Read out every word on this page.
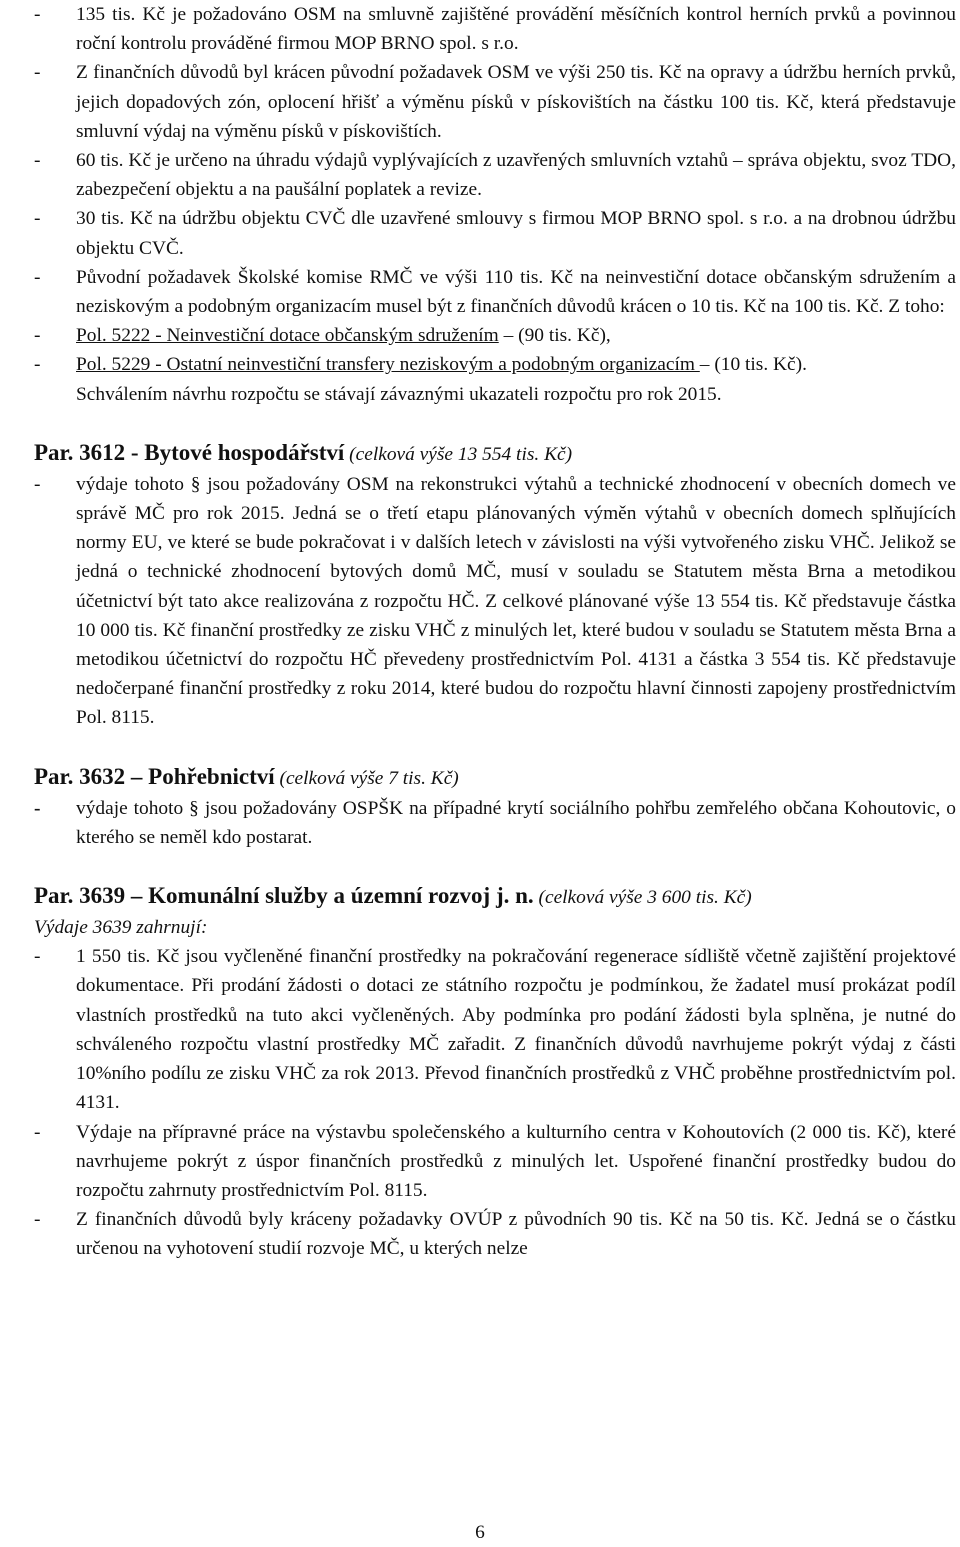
-	135 tis. Kč je požadováno OSM na smluvně zajištěné provádění měsíčních kontrol herních prvků a povinnou roční kontrolu prováděné firmou MOP BRNO spol. s r.o.
-	Z finančních důvodů byl krácen původní požadavek OSM ve výši 250 tis. Kč na opravy a údržbu herních prvků, jejich dopadových zón, oplocení hřišť a výměnu písků v pískovištích na částku 100 tis. Kč, která představuje smluvní výdaj na výměnu písků v pískovištích.
-	60 tis. Kč je určeno na úhradu výdajů vyplývajících z uzavřených smluvních vztahů – správa objektu, svoz TDO, zabezpečení objektu a na paušální poplatek a revize.
-	30 tis. Kč na údržbu objektu CVČ dle uzavřené smlouvy s firmou MOP BRNO spol. s r.o. a na drobnou údržbu objektu CVČ.
-	Původní požadavek Školské komise RMČ ve výši 110 tis. Kč na neinvestiční dotace občanským sdružením a neziskovým a podobným organizacím musel být z finančních důvodů krácen o 10 tis. Kč na 100 tis. Kč. Z toho:
-	Pol. 5222 - Neinvestiční dotace občanským sdružením – (90 tis. Kč),
-	Pol. 5229 - Ostatní neinvestiční transfery neziskovým a podobným organizacím – (10 tis. Kč).
Schválením návrhu rozpočtu se stávají závaznými ukazateli rozpočtu pro rok 2015.
Par. 3612 - Bytové hospodářství (celková výše 13 554 tis. Kč)
-	výdaje tohoto § jsou požadovány OSM na rekonstrukci výtahů a technické zhodnocení v obecních domech ve správě MČ pro rok 2015. Jedná se o třetí etapu plánovaných výměn výtahů v obecních domech splňujících normy EU, ve které se bude pokračovat i v dalších letech v závislosti na výši vytvořeného zisku VHČ. Jelikož se jedná o technické zhodnocení bytových domů MČ, musí v souladu se Statutem města Brna a metodikou účetnictví být tato akce realizována z rozpočtu HČ. Z celkové plánované výše 13 554 tis. Kč představuje částka 10 000 tis. Kč finanční prostředky ze zisku VHČ z minulých let, které budou v souladu se Statutem města Brna a metodikou účetnictví do rozpočtu HČ převedeny prostřednictvím Pol. 4131 a částka 3 554 tis. Kč představuje nedočerpané finanční prostředky z roku 2014, které budou do rozpočtu hlavní činnosti zapojeny prostřednictvím Pol. 8115.
Par. 3632 – Pohřebnictví (celková výše 7 tis. Kč)
-	výdaje tohoto § jsou požadovány OSPŠK na případné krytí sociálního pohřbu zemřelého občana Kohoutovic, o kterého se neměl kdo postarat.
Par. 3639 – Komunální služby a územní rozvoj j. n. (celková výše 3 600 tis. Kč)
Výdaje 3639 zahrnují:
-	1 550 tis. Kč jsou vyčleněné finanční prostředky na pokračování regenerace sídliště včetně zajištění projektové dokumentace. Při prodání žádosti o dotaci ze státního rozpočtu je podmínkou, že žadatel musí prokázat podíl vlastních prostředků na tuto akci vyčleněných. Aby podmínka pro podání žádosti byla splněna, je nutné do schváleného rozpočtu vlastní prostředky MČ zařadit. Z finančních důvodů navrhujeme pokrýt výdaj z části 10%ního podílu ze zisku VHČ za rok 2013. Převod finančních prostředků z VHČ proběhne prostřednictvím pol. 4131.
-	Výdaje na přípravné práce na výstavbu společenského a kulturního centra v Kohoutovích (2 000 tis. Kč), které navrhujeme pokrýt z úspor finančních prostředků z minulých let. Uspořené finanční prostředky budou do rozpočtu zahrnuty prostřednictvím Pol. 8115.
-	Z finančních důvodů byly kráceny požadavky OVÚP z původních 90 tis. Kč na 50 tis. Kč. Jedná se o částku určenou na vyhotovení studií rozvoje MČ, u kterých nelze
6
